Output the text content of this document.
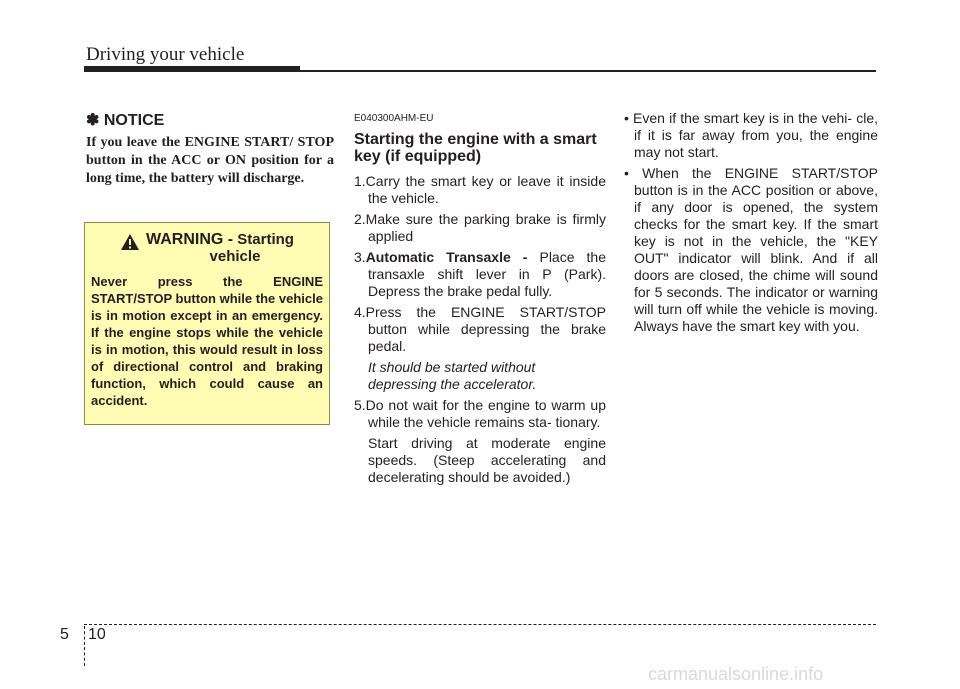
Driving your vehicle
✽ NOTICE
If you leave the ENGINE START/ STOP button in the ACC or ON position for a long time, the battery will discharge.
WARNING - Starting
vehicle
Never press the ENGINE START/STOP button while the vehicle is in motion except in an emergency. If the engine stops while the vehicle is in motion, this would result in loss of directional control and braking function, which could cause an accident.
E040300AHM-EU
Starting the engine with a smart key (if equipped)
1.Carry the smart key or leave it inside the vehicle.
2.Make sure the parking brake is firmly applied
3.Automatic Transaxle - Place the transaxle shift lever in P (Park). Depress the brake pedal fully.
4.Press the ENGINE START/STOP button while depressing the brake pedal.
It should be started without depressing the accelerator.
5.Do not wait for the engine to warm up while the vehicle remains sta- tionary.
Start driving at moderate engine speeds. (Steep accelerating and decelerating should be avoided.)
• Even if the smart key is in the vehi- cle, if it is far away from you, the engine may not start.
• When the ENGINE START/STOP button is in the ACC position or above, if any door is opened, the system checks for the smart key. If the smart key is not in the vehicle, the "KEY OUT" indicator will blink. And if all doors are closed, the chime will sound for 5 seconds. The indicator or warning will turn off while the vehicle is moving. Always have the smart key with you.
5 10
carmanualsonline.info
